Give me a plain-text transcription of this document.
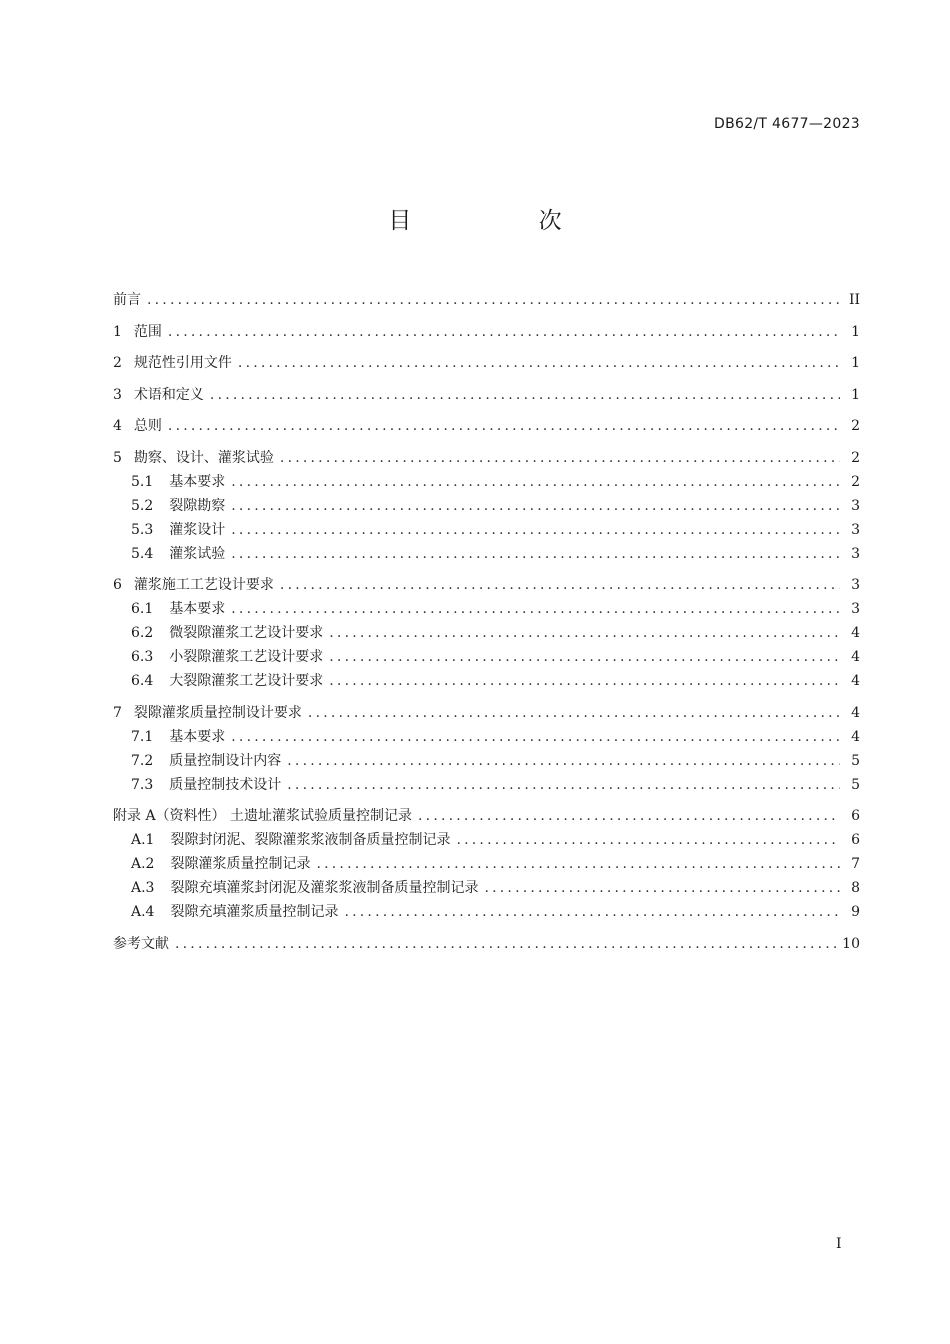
DB62/T 4677—2023
目 次
前言 .....	II
1 范围 .....	1
2 规范性引用文件 .....	1
3 术语和定义 .....	1
4 总则 .....	2
5 勘察、设计、灌浆试验 .....	2
5.1	基本要求 .....	2
5.2	裂隙勘察 .....	3
5.3	灌浆设计 .....	3
5.4	灌浆试验 .....	3
6 灌浆施工工艺设计要求 .....	3
6.1	基本要求 .....	3
6.2	微裂隙灌浆工艺设计要求 .....	4
6.3	小裂隙灌浆工艺设计要求 .....	4
6.4	大裂隙灌浆工艺设计要求 .....	4
7 裂隙灌浆质量控制设计要求 .....	4
7.1	基本要求 .....	4
7.2	质量控制设计内容 .....	5
7.3	质量控制技术设计 .....	5
附录 A（资料性） 土遗址灌浆试验质量控制记录 .....	6
A.1	裂隙封闭泥、裂隙灌浆浆液制备质量控制记录 .....	6
A.2	裂隙灌浆质量控制记录 .....	7
A.3	裂隙充填灌浆封闭泥及灌浆浆液制备质量控制记录 .....	8
A.4	裂隙充填灌浆质量控制记录 .....	9
参考文献 .....	10
I
